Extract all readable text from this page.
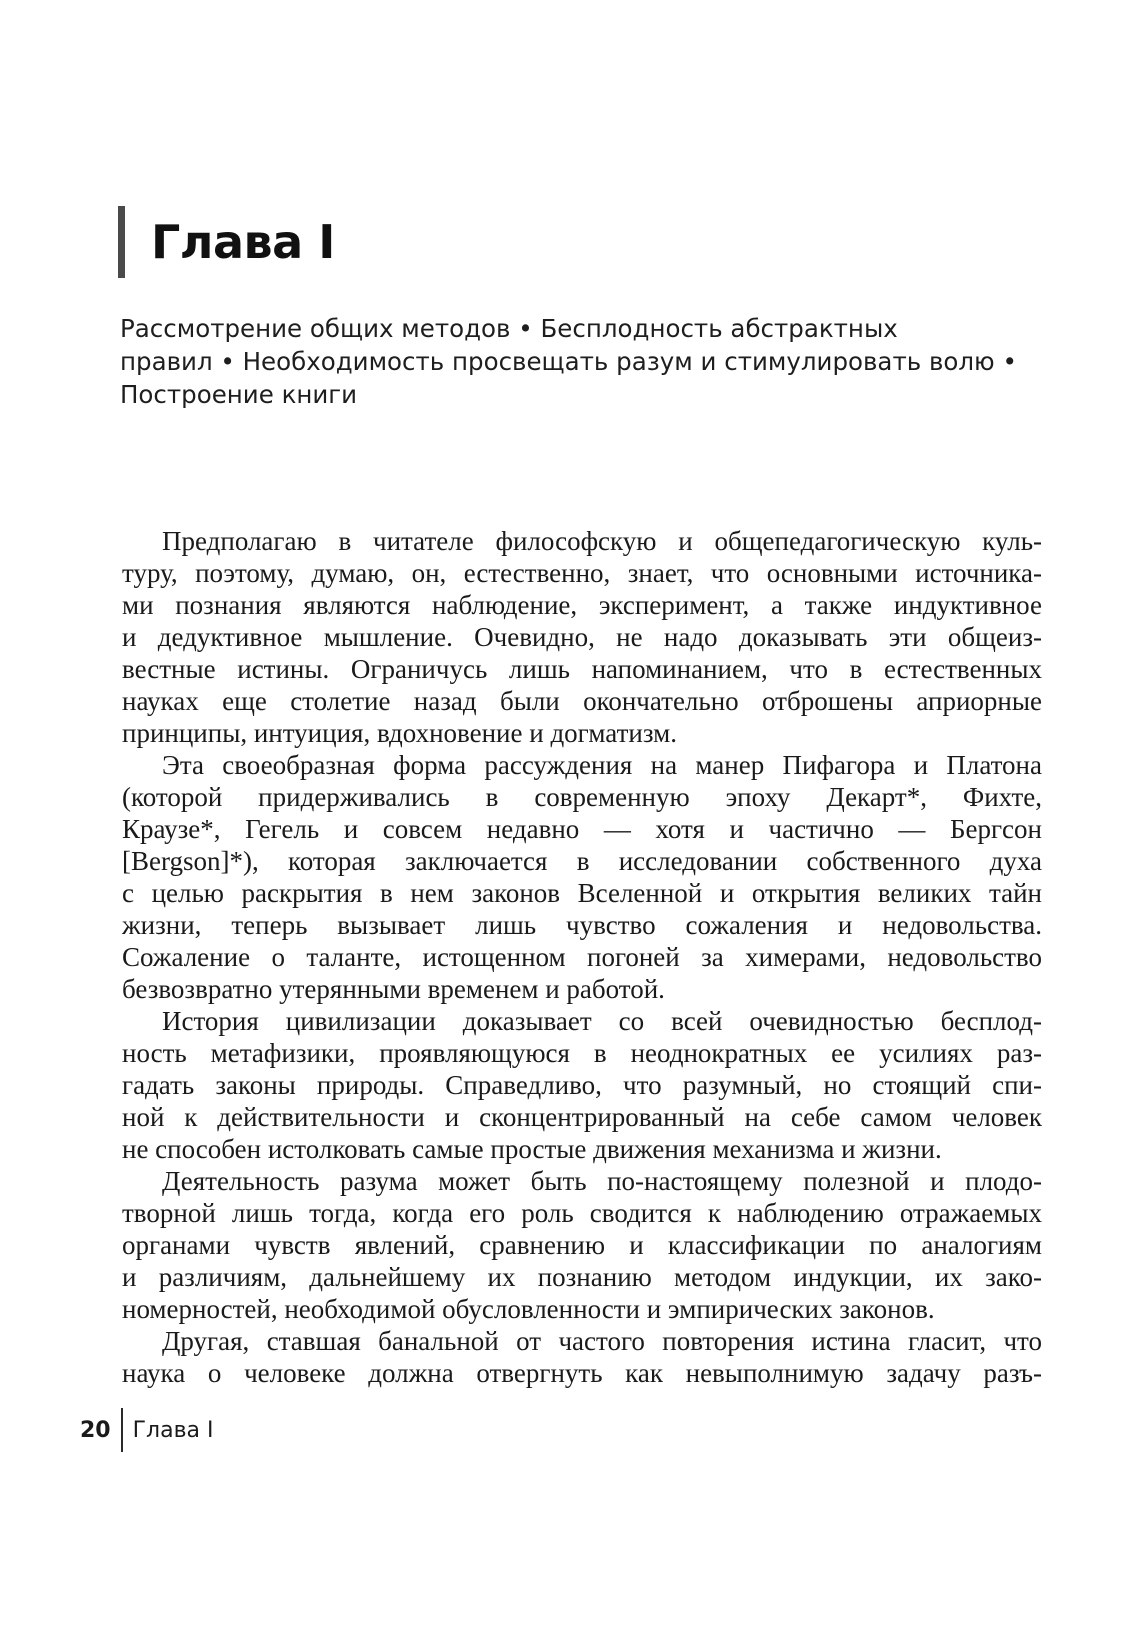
Глава I
Рассмотрение общих методов • Бесплодность абстрактных
правил • Необходимость просвещать разум и стимулировать волю •
Построение книги
Предполагаю в читателе философскую и общепедагогическую куль-
туру, поэтому, думаю, он, естественно, знает, что основными источника-
ми познания являются наблюдение, эксперимент, а также индуктивное
и дедуктивное мышление. Очевидно, не надо доказывать эти общеиз-
вестные истины. Ограничусь лишь напоминанием, что в естественных
науках еще столетие назад были окончательно отброшены априорные
принципы, интуиция, вдохновение и догматизм.
Эта своеобразная форма рассуждения на манер Пифагора и Платона
(которой придерживались в современную эпоху Декарт*, Фихте,
Краузе*, Гегель и совсем недавно — хотя и частично — Бергсон
[Bergson]*), которая заключается в исследовании собственного духа
с целью раскрытия в нем законов Вселенной и открытия великих тайн
жизни, теперь вызывает лишь чувство сожаления и недовольства.
Сожаление о таланте, истощенном погоней за химерами, недовольство
безвозвратно утерянными временем и работой.
История цивилизации доказывает со всей очевидностью бесплод-
ность метафизики, проявляющуюся в неоднократных ее усилиях раз-
гадать законы природы. Справедливо, что разумный, но стоящий спи-
ной к действительности и сконцентрированный на себе самом человек
не способен истолковать самые простые движения механизма и жизни.
Деятельность разума может быть по-настоящему полезной и плодо-
творной лишь тогда, когда его роль сводится к наблюдению отражаемых
органами чувств явлений, сравнению и классификации по аналогиям
и различиям, дальнейшему их познанию методом индукции, их зако-
номерностей, необходимой обусловленности и эмпирических законов.
Другая, ставшая банальной от частого повторения истина гласит, что
наука о человеке должна отвергнуть как невыполнимую задачу разъ-
20 Глава I
